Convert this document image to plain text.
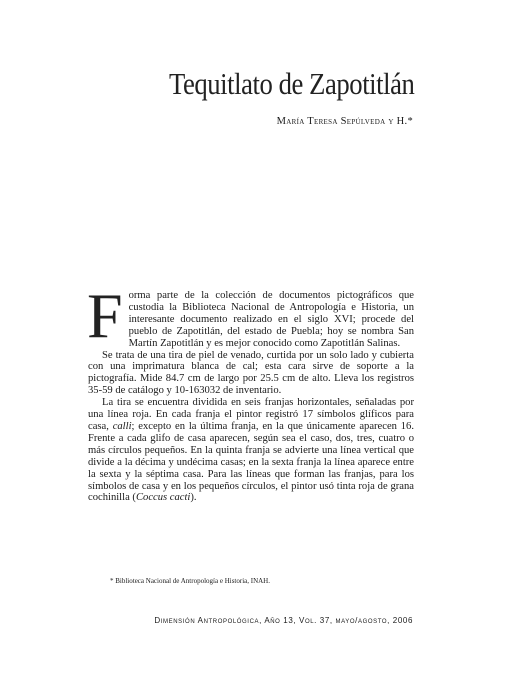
Tequitlato de Zapotitlán
María Teresa Sepúlveda y H.*
F orma parte de la colección de documentos pictográficos que custodia la Biblioteca Nacional de Antropología e Historia, un interesante documento realizado en el siglo XVI; procede del pueblo de Zapotitlán, del estado de Puebla; hoy se nombra San Martín Zapotitlán y es mejor conocido como Zapotitlán Salinas.

Se trata de una tira de piel de venado, curtida por un solo lado y cubierta con una imprimatura blanca de cal; esta cara sirve de soporte a la pictografía. Mide 84.7 cm de largo por 25.5 cm de alto. Lleva los registros 35-59 de catálogo y 10-163032 de inventario.

La tira se encuentra dividida en seis franjas horizontales, señaladas por una línea roja. En cada franja el pintor registró 17 símbolos glíficos para casa, calli; excepto en la última franja, en la que únicamente aparecen 16. Frente a cada glifo de casa aparecen, según sea el caso, dos, tres, cuatro o más círculos pequeños. En la quinta franja se advierte una línea vertical que divide a la décima y undécima casas; en la sexta franja la línea aparece entre la sexta y la séptima casa. Para las líneas que forman las franjas, para los símbolos de casa y en los pequeños círculos, el pintor usó tinta roja de grana cochinilla (Coccus cacti).

* Biblioteca Nacional de Antropología e Historia, INAH.
Dimensión Antropológica, Año 13, Vol. 37, mayo/agosto, 2006
